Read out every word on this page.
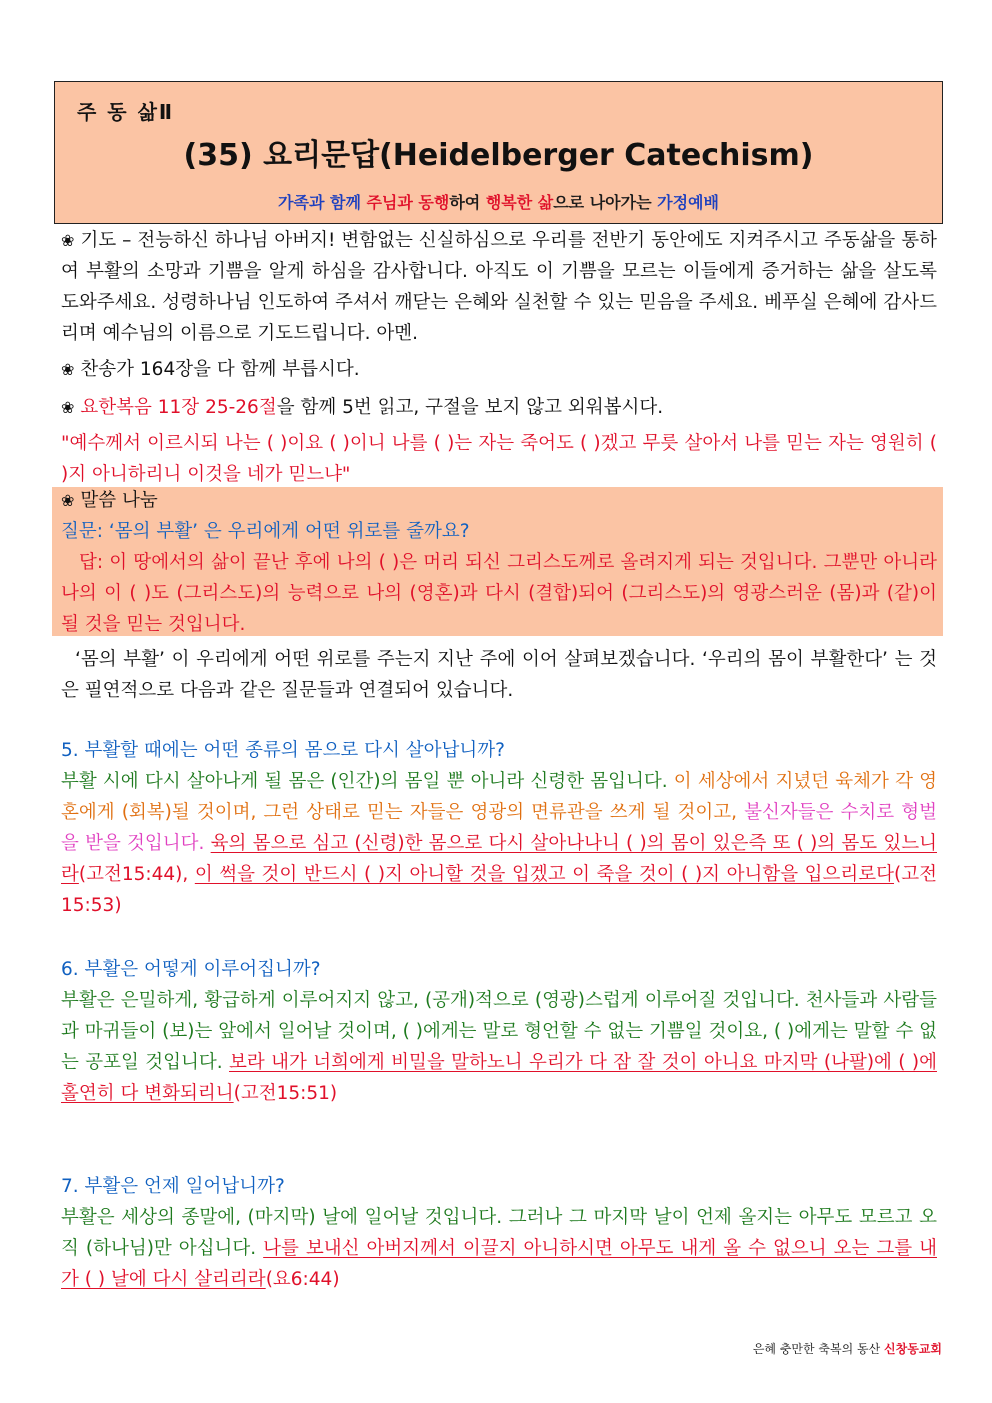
주 동 삶Ⅱ
(35) 요리문답(Heidelberger Catechism)
가족과 함께 주님과 동행하여 행복한 삶으로 나아가는 가정예배

❀ 기도 – 전능하신 하나님 아버지! 변함없는 신실하심으로 우리를 전반기 동안에도 지켜주시고 주동삶을 통하여 부활의 소망과 기쁨을 알게 하심을 감사합니다. 아직도 이 기쁨을 모르는 이들에게 증거하는 삶을 살도록 도와주세요. 성령하나님 인도하여 주셔서 깨닫는 은혜와 실천할 수 있는 믿음을 주세요. 베푸실 은혜에 감사드리며 예수님의 이름으로 기도드립니다. 아멘.

❀ 찬송가 164장을 다 함께 부릅시다.

❀ 요한복음 11장 25-26절을 함께 5번 읽고, 구절을 보지 않고 외워봅시다.

"예수께서 이르시되 나는 ( )이요 ( )이니 나를 ( )는 자는 죽어도 ( )겠고 무릇 살아서 나를 믿는 자는 영원히 ( )지 아니하리니 이것을 네가 믿느냐"

❀ 말씀 나눔

질문: ‘몸의 부활’ 은 우리에게 어떤 위로를 줄까요?

답: 이 땅에서의 삶이 끝난 후에 나의 ( )은 머리 되신 그리스도께로 올려지게 되는 것입니다. 그뿐만 아니라 나의 이 ( )도 (그리스도)의 능력으로 나의 (영혼)과 다시 (결합)되어 (그리스도)의 영광스러운 (몸)과 (같)이 될 것을 믿는 것입니다.

‘몸의 부활’ 이 우리에게 어떤 위로를 주는지 지난 주에 이어 살펴보겠습니다. ‘우리의 몸이 부활한다’ 는 것은 필연적으로 다음과 같은 질문들과 연결되어 있습니다.

5. 부활할 때에는 어떤 종류의 몸으로 다시 살아납니까?

부활 시에 다시 살아나게 될 몸은 (인간)의 몸일 뿐 아니라 신령한 몸입니다. 이 세상에서 지녔던 육체가 각 영혼에게 (회복)될 것이며, 그런 상태로 믿는 자들은 영광의 면류관을 쓰게 될 것이고, 불신자들은 수치로 형벌을 받을 것입니다. 육의 몸으로 심고 (신령)한 몸으로 다시 살아나나니 ( )의 몸이 있은즉 또 ( )의 몸도 있느니라(고전15:44), 이 썩을 것이 반드시 ( )지 아니할 것을 입겠고 이 죽을 것이 ( )지 아니함을 입으리로다(고전15:53)

6. 부활은 어떻게 이루어집니까?

부활은 은밀하게, 황급하게 이루어지지 않고, (공개)적으로 (영광)스럽게 이루어질 것입니다. 천사들과 사람들과 마귀들이 (보)는 앞에서 일어날 것이며, ( )에게는 말로 형언할 수 없는 기쁨일 것이요, ( )에게는 말할 수 없는 공포일 것입니다. 보라 내가 너희에게 비밀을 말하노니 우리가 다 잠 잘 것이 아니요 마지막 (나팔)에 ( )에 홀연히 다 변화되리니(고전15:51)

7. 부활은 언제 일어납니까?

부활은 세상의 종말에, (마지막) 날에 일어날 것입니다. 그러나 그 마지막 날이 언제 올지는 아무도 모르고 오직 (하나님)만 아십니다. 나를 보내신 아버지께서 이끌지 아니하시면 아무도 내게 올 수 없으니 오는 그를 내가 ( ) 날에 다시 살리리라(요6:44)

은혜 충만한 축복의 동산 신창동교회
